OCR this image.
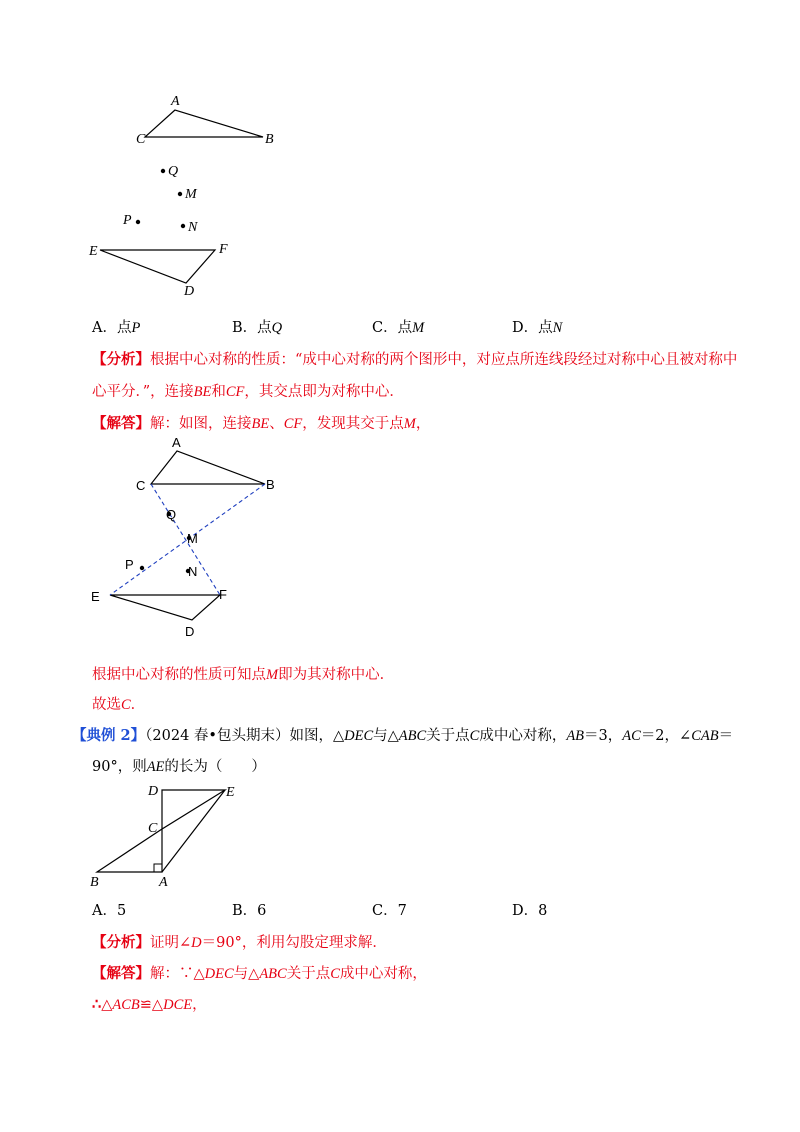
A
C	B
Q
M
P	N
E	F
D
A．点P	B．点Q	C．点M	D．点N
【分析】根据中心对称的性质：“成中心对称的两个图形中，对应点所连线段经过对称中心且被对称中
心平分．”，连接BE和CF，其交点即为对称中心．
【解答】解：如图，连接BE、CF，发现其交于点M，
A
C	B
Q
M
P	N
E	F
D
根据中心对称的性质可知点M即为其对称中心．
故选C．
【典例 2】（2024 春•包头期末）如图，△DEC与△ABC关于点C成中心对称，AB＝3，AC＝2，∠CAB＝
90°，则AE的长为（　　）
D	E
C
B	A
A．5	B．6	C．7	D．8
【分析】证明∠D＝90°，利用勾股定理求解．
【解答】解：∵△DEC与△ABC关于点C成中心对称，
∴△ACB≌△DCE，
